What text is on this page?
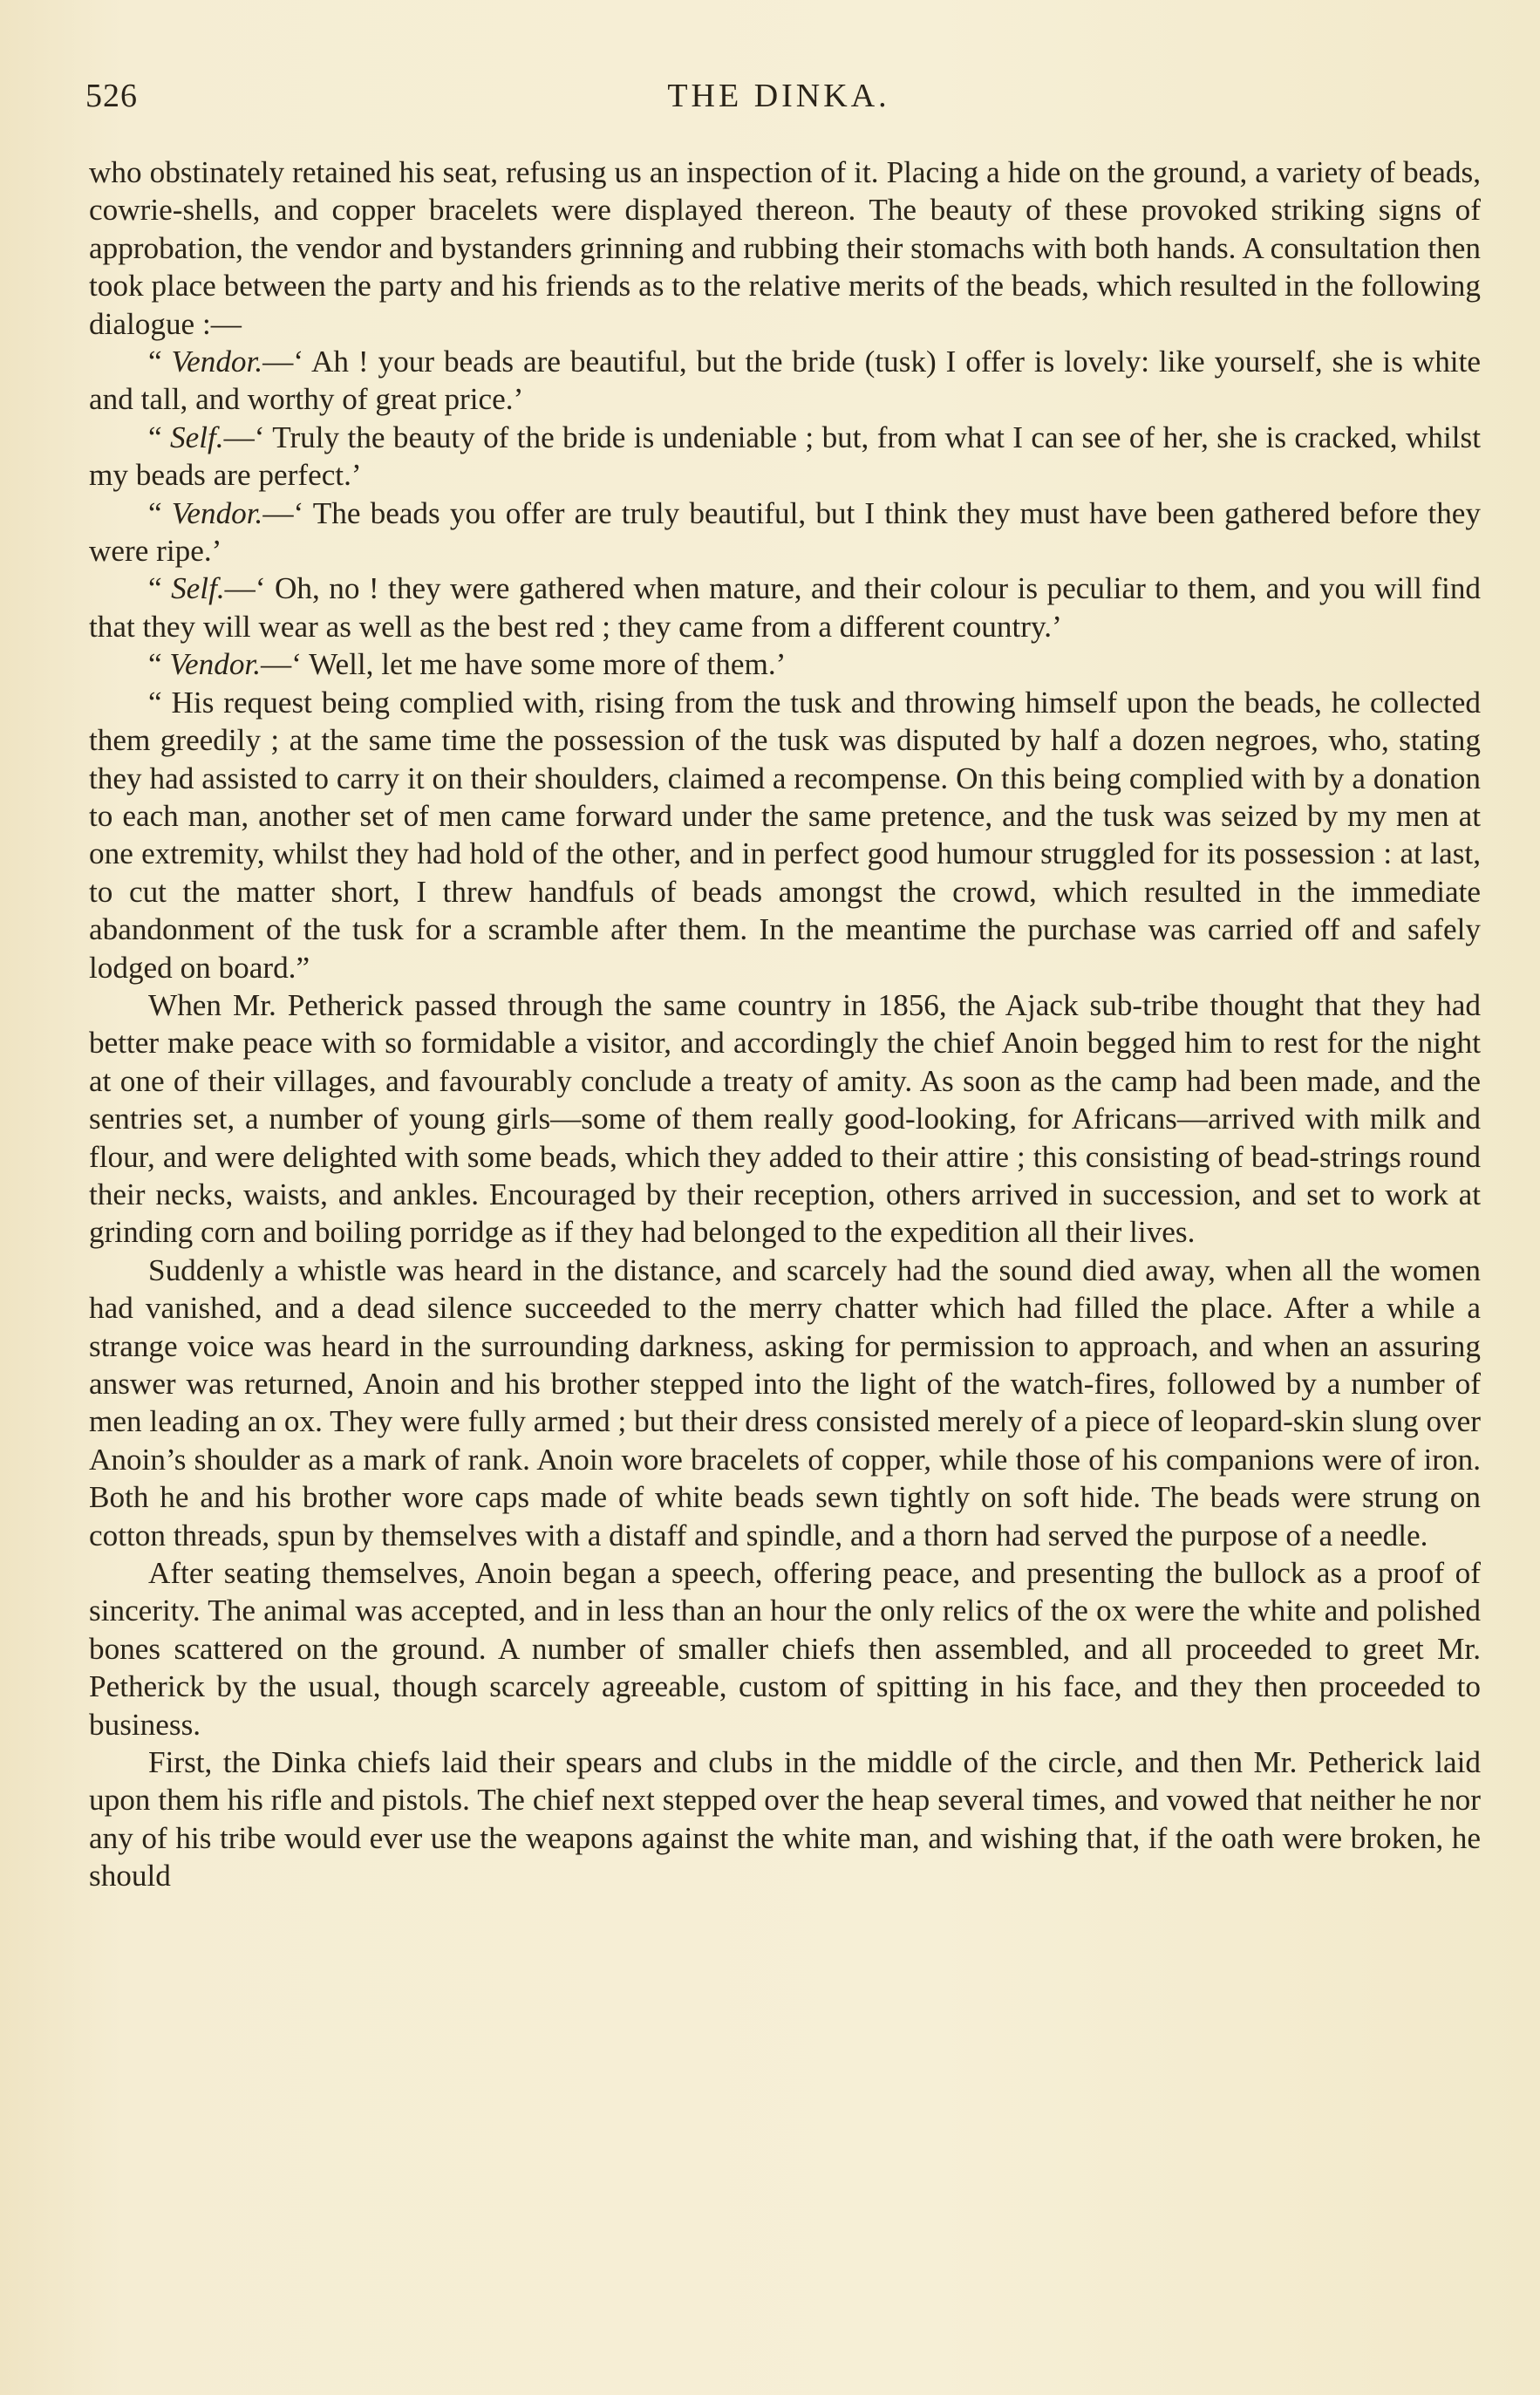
526	THE DINKA.

who obstinately retained his seat, refusing us an inspection of it. Placing a hide on the ground, a variety of beads, cowrie-shells, and copper bracelets were displayed thereon. The beauty of these provoked striking signs of approbation, the vendor and bystanders grinning and rubbing their stomachs with both hands. A consultation then took place between the party and his friends as to the relative merits of the beads, which resulted in the following dialogue :—

“ Vendor.—‘ Ah ! your beads are beautiful, but the bride (tusk) I offer is lovely: like yourself, she is white and tall, and worthy of great price.’

“ Self.—‘ Truly the beauty of the bride is undeniable ; but, from what I can see of her, she is cracked, whilst my beads are perfect.’

“ Vendor.—‘ The beads you offer are truly beautiful, but I think they must have been gathered before they were ripe.’

“ Self.—‘ Oh, no ! they were gathered when mature, and their colour is peculiar to them, and you will find that they will wear as well as the best red ; they came from a different country.’

“ Vendor.—‘ Well, let me have some more of them.’

“ His request being complied with, rising from the tusk and throwing himself upon the beads, he collected them greedily ; at the same time the possession of the tusk was disputed by half a dozen negroes, who, stating they had assisted to carry it on their shoulders, claimed a recompense. On this being complied with by a donation to each man, another set of men came forward under the same pretence, and the tusk was seized by my men at one extremity, whilst they had hold of the other, and in perfect good humour struggled for its possession : at last, to cut the matter short, I threw handfuls of beads amongst the crowd, which resulted in the immediate abandonment of the tusk for a scramble after them. In the meantime the purchase was carried off and safely lodged on board.”

When Mr. Petherick passed through the same country in 1856, the Ajack sub-tribe thought that they had better make peace with so formidable a visitor, and accordingly the chief Anoin begged him to rest for the night at one of their villages, and favourably conclude a treaty of amity. As soon as the camp had been made, and the sentries set, a number of young girls—some of them really good-looking, for Africans—arrived with milk and flour, and were delighted with some beads, which they added to their attire ; this consisting of bead-strings round their necks, waists, and ankles. Encouraged by their reception, others arrived in succession, and set to work at grinding corn and boiling porridge as if they had belonged to the expedition all their lives.

Suddenly a whistle was heard in the distance, and scarcely had the sound died away, when all the women had vanished, and a dead silence succeeded to the merry chatter which had filled the place. After a while a strange voice was heard in the surrounding darkness, asking for permission to approach, and when an assuring answer was returned, Anoin and his brother stepped into the light of the watch-fires, followed by a number of men leading an ox. They were fully armed ; but their dress consisted merely of a piece of leopard-skin slung over Anoin’s shoulder as a mark of rank. Anoin wore bracelets of copper, while those of his companions were of iron. Both he and his brother wore caps made of white beads sewn tightly on soft hide. The beads were strung on cotton threads, spun by themselves with a distaff and spindle, and a thorn had served the purpose of a needle.

After seating themselves, Anoin began a speech, offering peace, and presenting the bullock as a proof of sincerity. The animal was accepted, and in less than an hour the only relics of the ox were the white and polished bones scattered on the ground. A number of smaller chiefs then assembled, and all proceeded to greet Mr. Petherick by the usual, though scarcely agreeable, custom of spitting in his face, and they then proceeded to business.

First, the Dinka chiefs laid their spears and clubs in the middle of the circle, and then Mr. Petherick laid upon them his rifle and pistols. The chief next stepped over the heap several times, and vowed that neither he nor any of his tribe would ever use the weapons against the white man, and wishing that, if the oath were broken, he should
